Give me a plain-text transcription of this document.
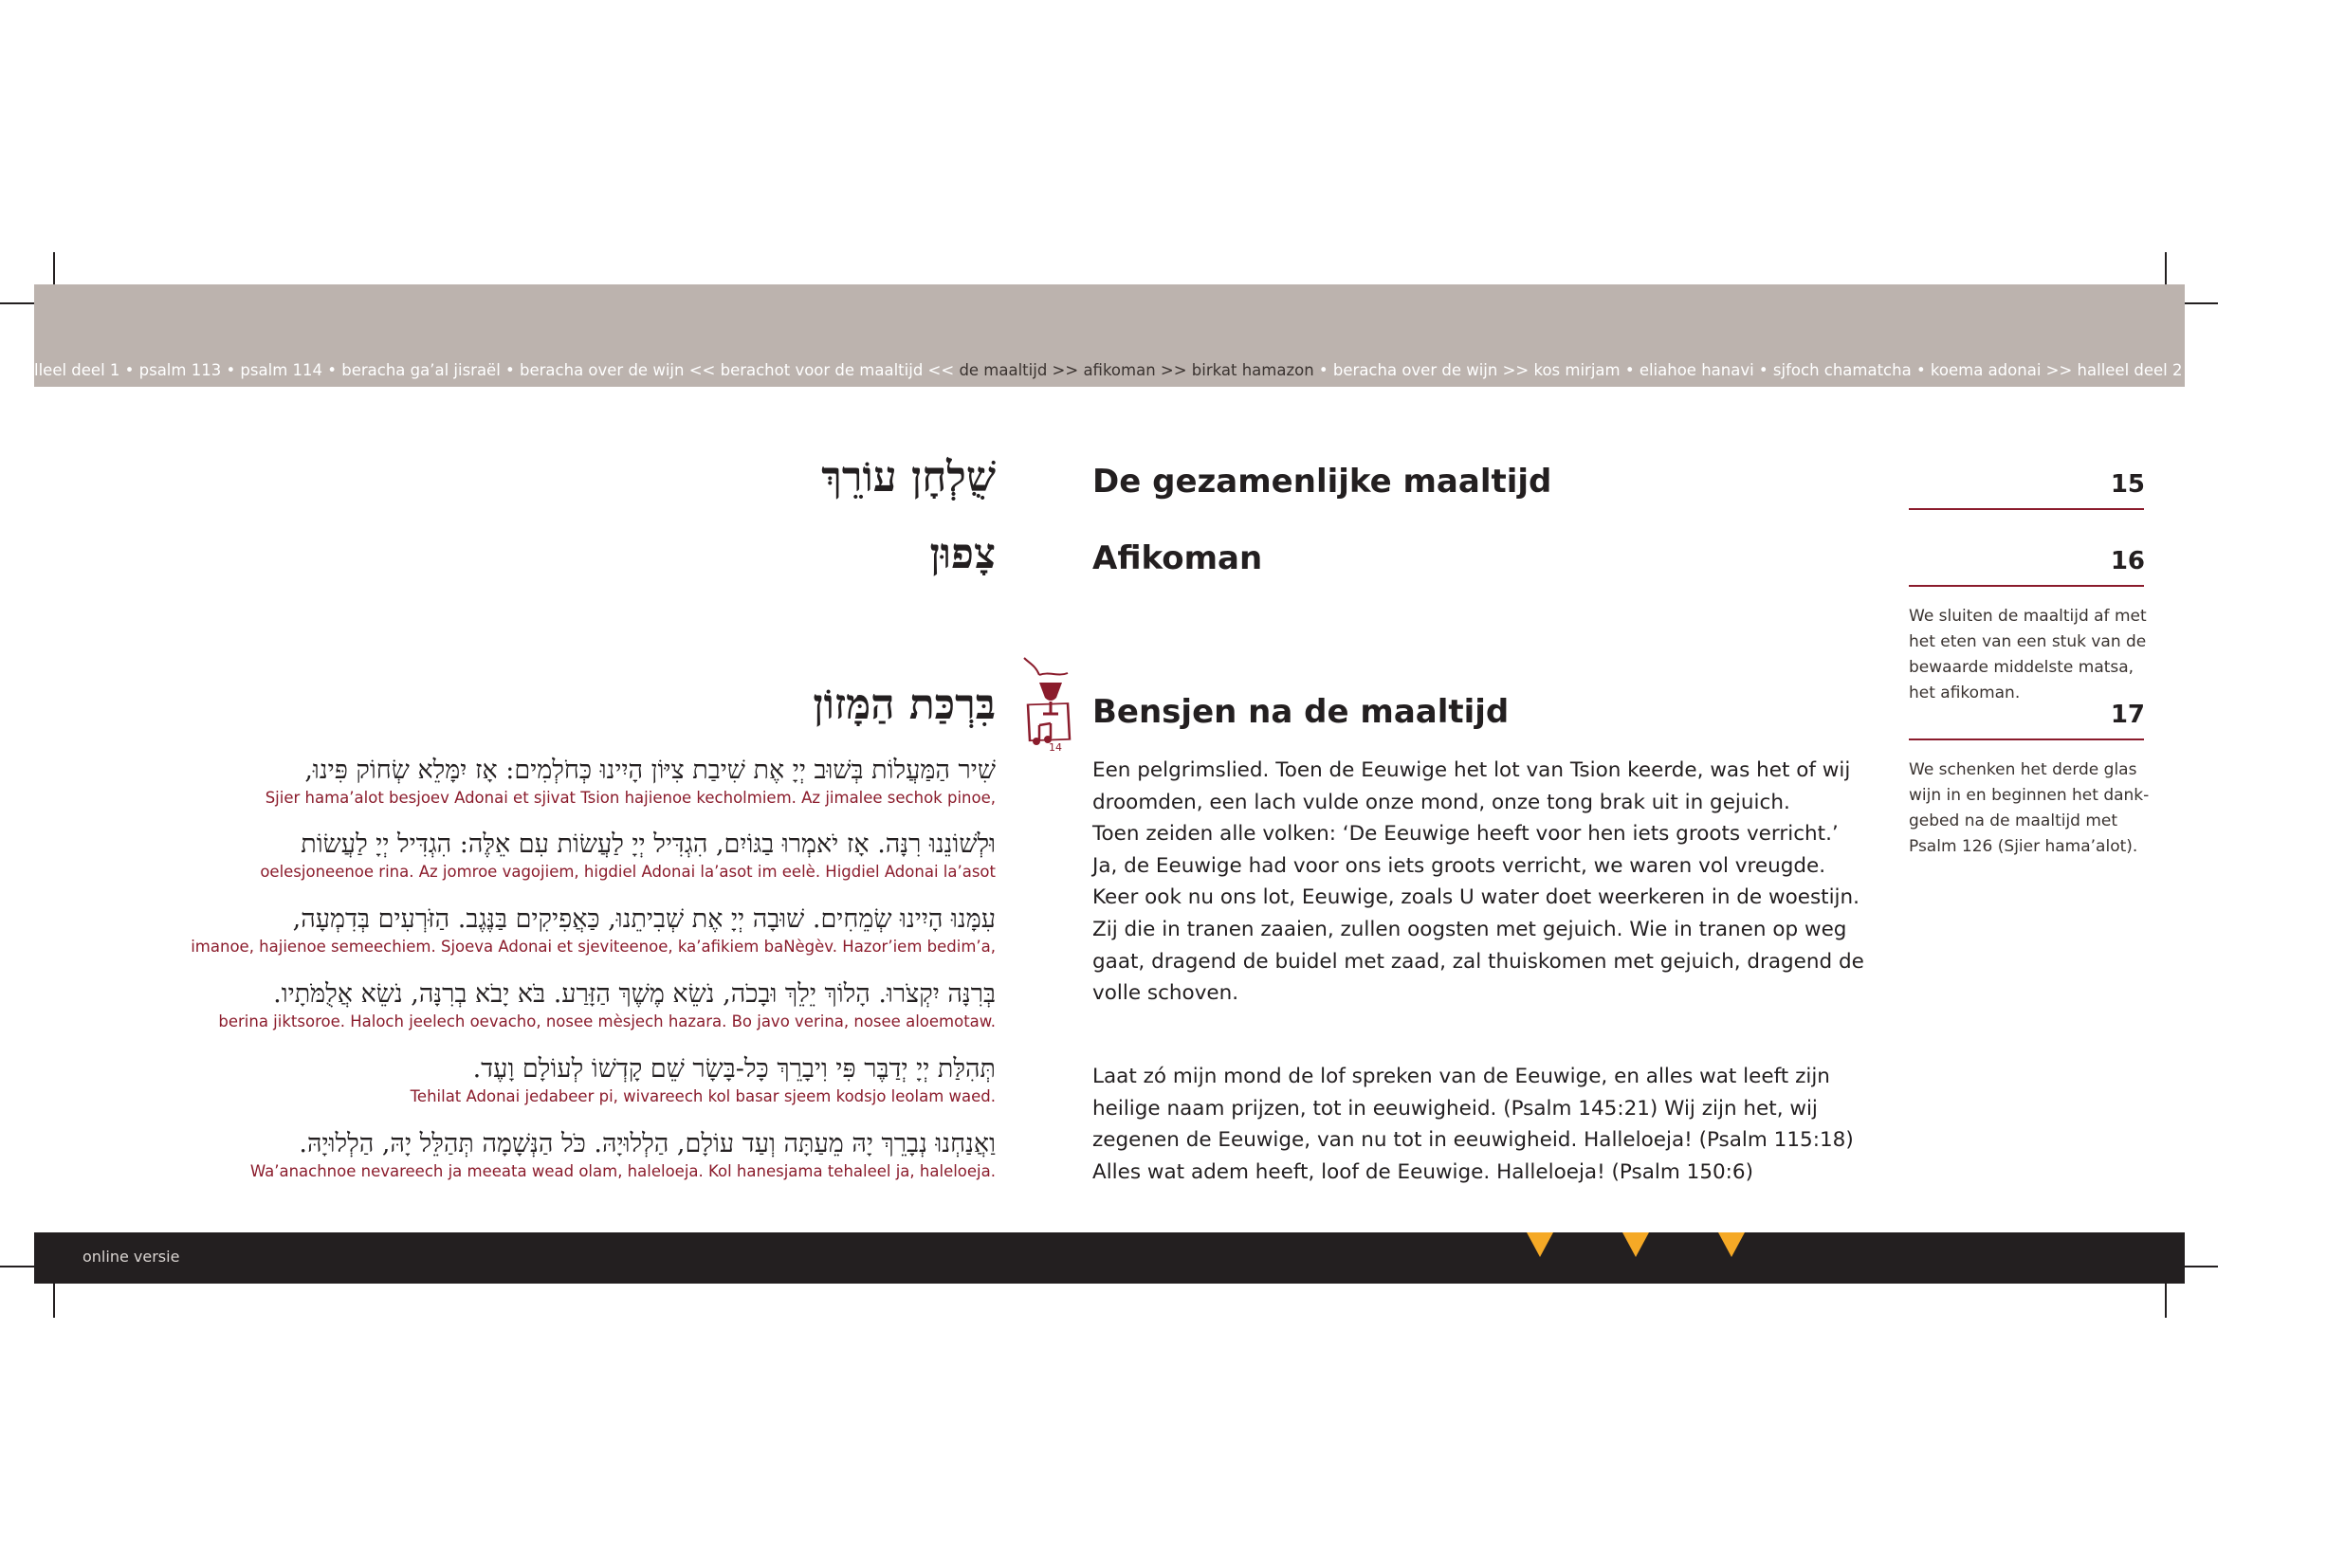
lleel deel 1 • psalm 113 • psalm 114 • beracha ga’al jisraël • beracha over de wijn << berachot voor de maaltijd << de maaltijd >> afikoman >> birkat hamazon • beracha over de wijn >> kos mirjam • eliahoe hanavi • sjfoch chamatcha • koema adonai >> halleel deel 2 • psalm 115 •psalm
שֻׁלְחָן עוֹרֵךְ	De gezamenlijke maaltijd
צָפוּן	Afikoman
בִּרְכַּת הַמָּזוֹן	Bensjen na de maaltijd
14
שִׁיר הַמַּעֲלוֹת בְּשׁוּב יְיָ אֶת שִׁיבַת צִיּוֹן הָיִינוּ כְּחֹלְמִים: אָז יִמָּלֵא שְׂחוֹק פִּינוּ,
Sjier hama’alot besjoev Adonai et sjivat Tsion hajienoe kecholmiem. Az jimalee sechok pinoe,
וּלְשׁוֹנֵנוּ רִנָּה. אָז יֹאמְרוּ בַגּוֹיִם, הִגְדִּיל יְיָ לַעֲשׂוֹת עִם אֵלֶּה: הִגְדִּיל יְיָ לַעֲשׂוֹת
oelesjoneenoe rina. Az jomroe vagojiem, higdiel Adonai la’asot im eelè. Higdiel Adonai la’asot
עִמָּנוּ הָיִינוּ שְׂמֵחִים. שׁוּבָה יְיָ אֶת שְׁבִיתֵנוּ, כַּאֲפִיקִים בַּנֶּגֶב. הַזֹּרְעִים בְּדִמְעָה,
imanoe, hajienoe semeechiem. Sjoeva Adonai et sjeviteenoe, ka’afikiem baNègèv. Hazor’iem bedim’a,
בְּרִנָּה יִקְצֹרוּ. הָלוֹךְ יֵלֵךְ וּבָכֹה, נֹשֵׂא מֶשֶׁךְ הַזָּרַע. בֹּא יָבֹא בְרִנָּה, נֹשֵׂא אֲלֻמֹּתָיו.
berina jiktsoroe. Haloch jeelech oevacho, nosee mèsjech hazara. Bo javo verina, nosee aloemotaw.
תְּהִלַּת יְיָ יְדַבֶּר פִּי וִיבָרֵךְ כָּל-בָּשָׂר שֵׁם קָדְשׁוֹ לְעוֹלָם וָעֶד.
Tehilat Adonai jedabeer pi, wivareech kol basar sjeem kodsjo leolam waed.
וַאֲנַחְנוּ נְבָרֵךְ יָהּ מֵעַתָּה וְעַד עוֹלָם, הַלְלוּיָהּ. כֹּל הַנְּשָׁמָה תְּהַלֵּל יָהּ, הַלְלוּיָהּ.
Wa’anachnoe nevareech ja meeata wead olam, haleloeja. Kol hanesjama tehaleel ja, haleloeja.
Een pelgrimslied. Toen de Eeuwige het lot van Tsion keerde, was het of wij
droomden, een lach vulde onze mond, onze tong brak uit in gejuich.
Toen zeiden alle volken: ‘De Eeuwige heeft voor hen iets groots verricht.’
Ja, de Eeuwige had voor ons iets groots verricht, we waren vol vreugde.
Keer ook nu ons lot, Eeuwige, zoals U water doet weerkeren in de woestijn.
Zij die in tranen zaaien, zullen oogsten met gejuich. Wie in tranen op weg
gaat, dragend de buidel met zaad, zal thuiskomen met gejuich, dragend de
volle schoven.
Laat zó mijn mond de lof spreken van de Eeuwige, en alles wat leeft zijn
heilige naam prijzen, tot in eeuwigheid. (Psalm 145:21) Wij zijn het, wij
zegenen de Eeuwige, van nu tot in eeuwigheid. Halleloeja! (Psalm 115:18)
Alles wat adem heeft, loof de Eeuwige. Halleloeja! (Psalm 150:6)
15
16
We sluiten de maaltijd af met
het eten van een stuk van de
bewaarde middelste matsa,
het afikoman.
17
We schenken het derde glas
wijn in en beginnen het dank-
gebed na de maaltijd met
Psalm 126 (Sjier hama’alot).
online versie
